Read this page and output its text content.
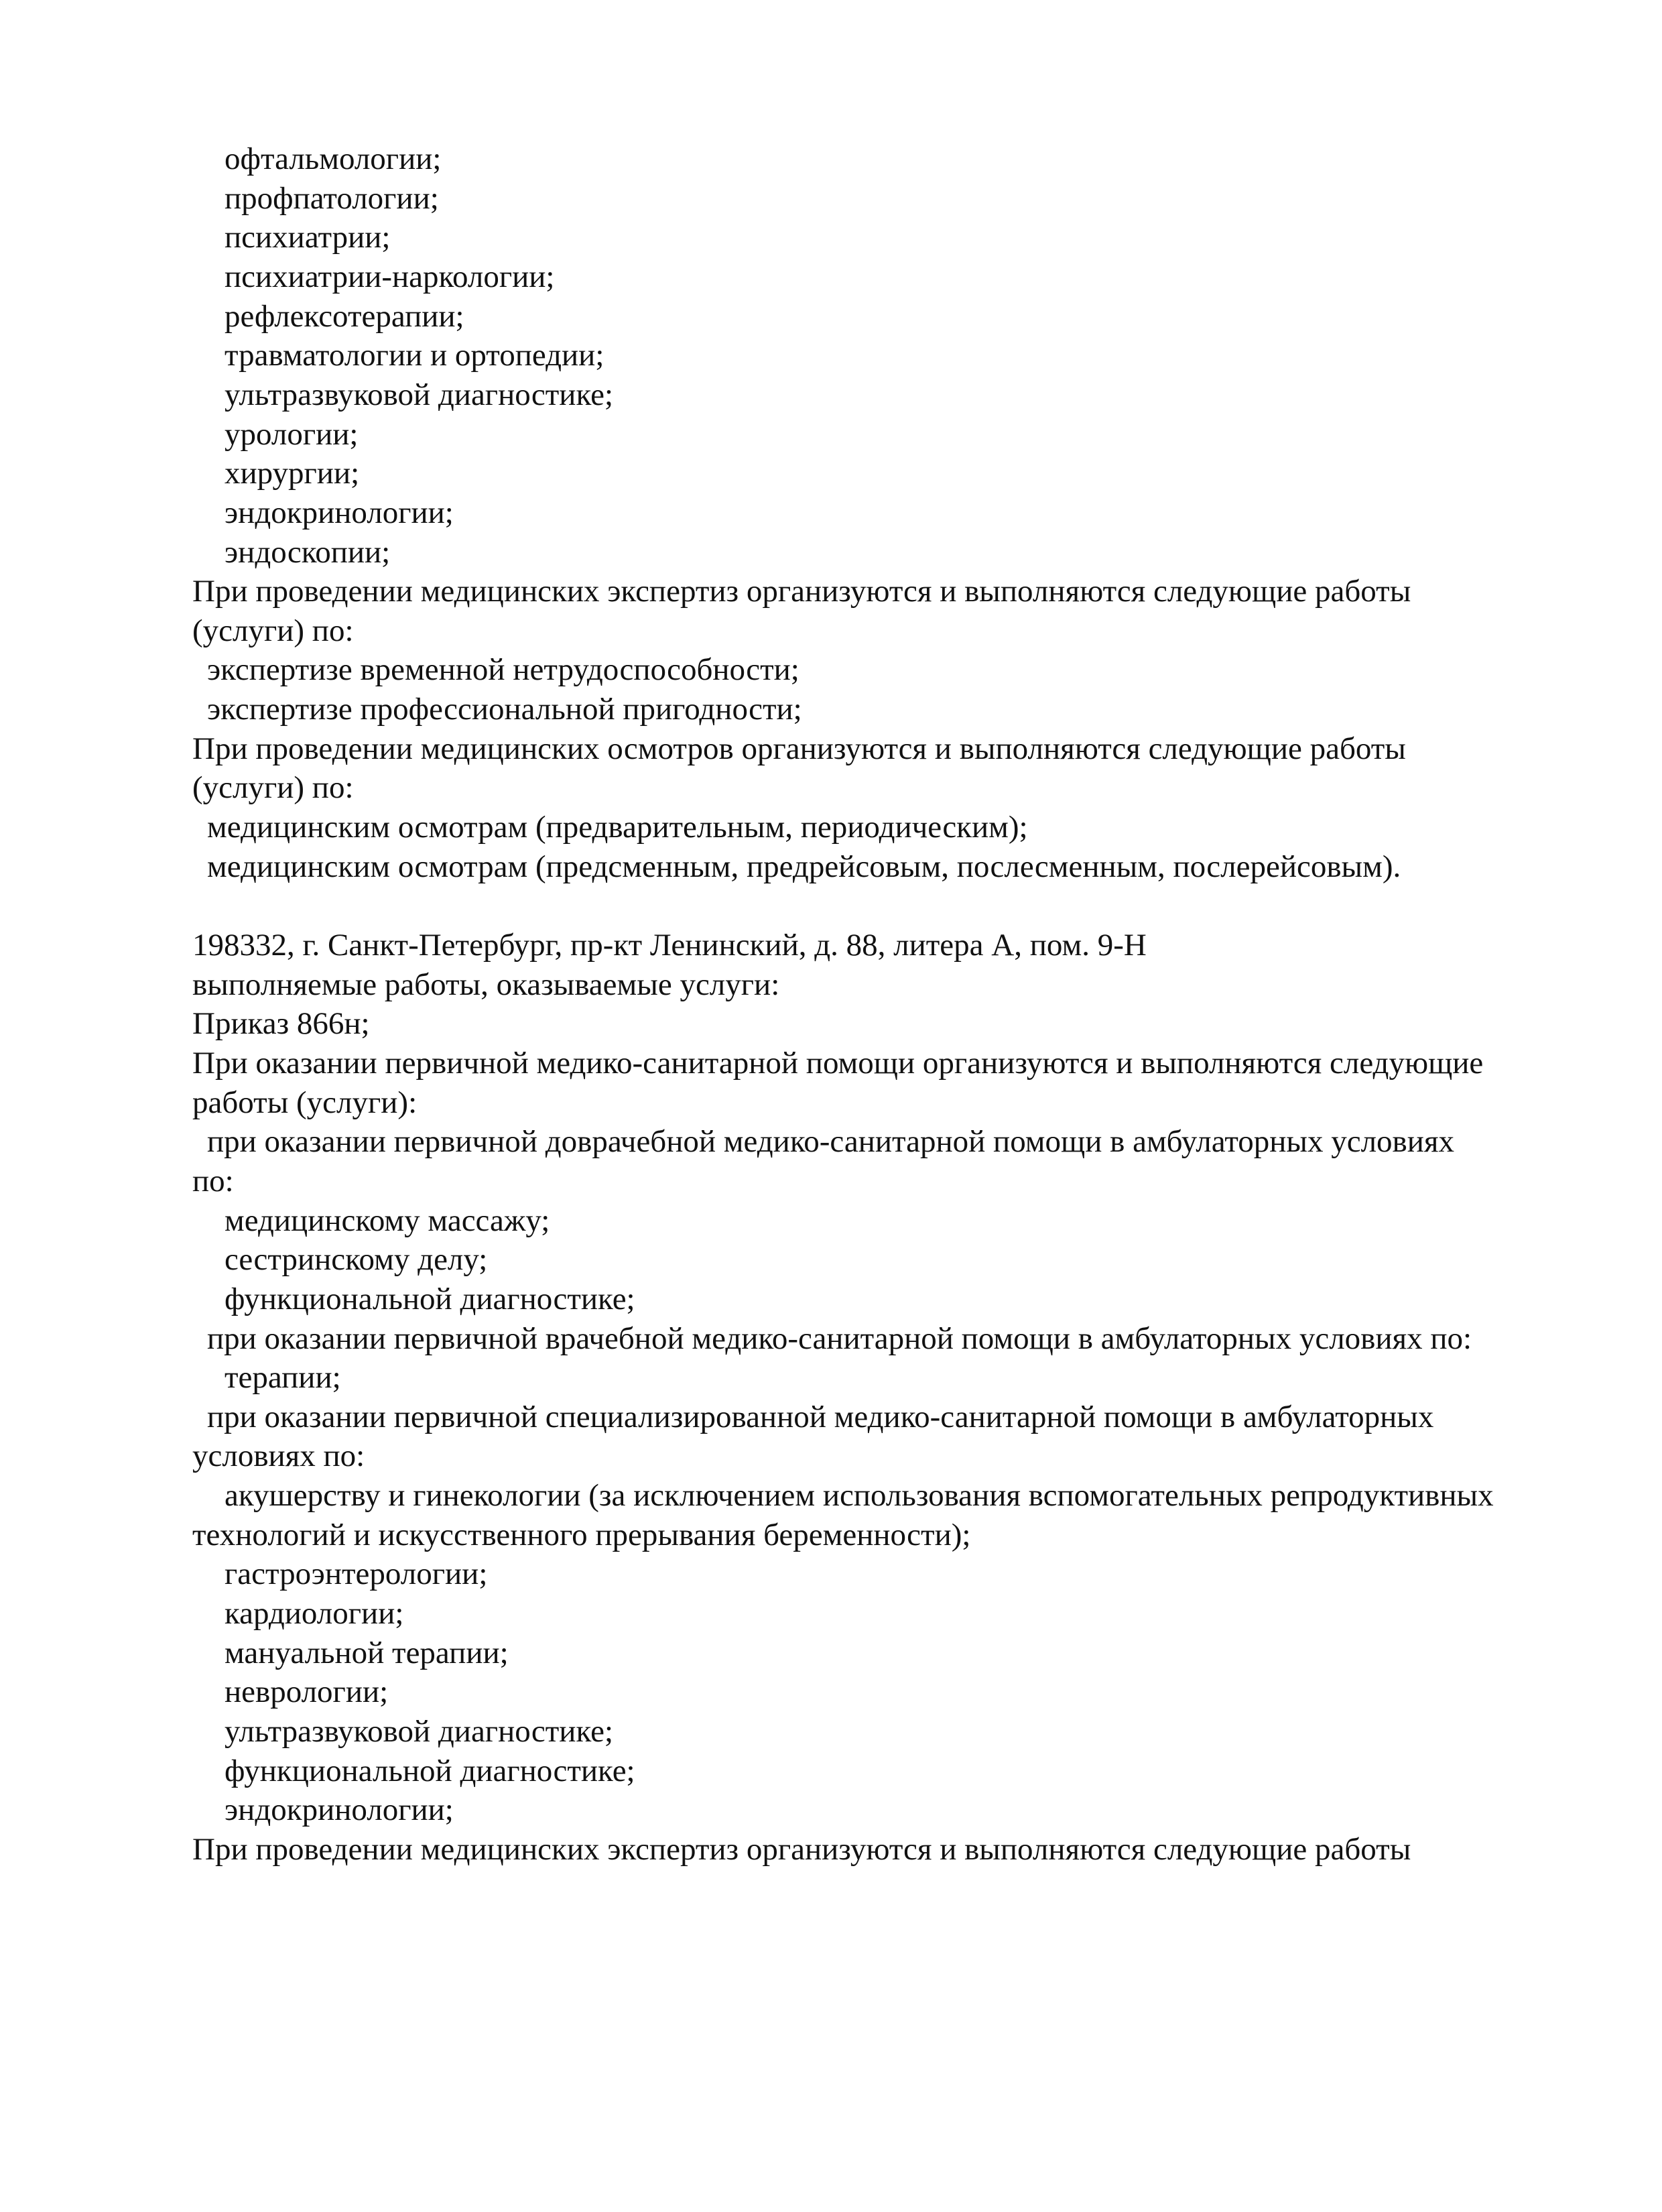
офтальмологии;
профпатологии;
психиатрии;
психиатрии-наркологии;
рефлексотерапии;
травматологии и ортопедии;
ультразвуковой диагностике;
урологии;
хирургии;
эндокринологии;
эндоскопии;
При проведении медицинских экспертиз организуются и выполняются следующие работы
(услуги) по:
экспертизе временной нетрудоспособности;
экспертизе профессиональной пригодности;
При проведении медицинских осмотров организуются и выполняются следующие работы
(услуги) по:
медицинским осмотрам (предварительным, периодическим);
медицинским осмотрам (предсменным, предрейсовым, послесменным, послерейсовым).
198332, г. Санкт-Петербург, пр-кт Ленинский, д. 88, литера А, пом. 9-Н
выполняемые работы, оказываемые услуги:
Приказ 866н;
При оказании первичной медико-санитарной помощи организуются и выполняются следующие
работы (услуги):
при оказании первичной доврачебной медико-санитарной помощи в амбулаторных условиях
по:
медицинскому массажу;
сестринскому делу;
функциональной диагностике;
при оказании первичной врачебной медико-санитарной помощи в амбулаторных условиях по:
терапии;
при оказании первичной специализированной медико-санитарной помощи в амбулаторных
условиях по:
акушерству и гинекологии (за исключением использования вспомогательных репродуктивных
технологий и искусственного прерывания беременности);
гастроэнтерологии;
кардиологии;
мануальной терапии;
неврологии;
ультразвуковой диагностике;
функциональной диагностике;
эндокринологии;
При проведении медицинских экспертиз организуются и выполняются следующие работы
